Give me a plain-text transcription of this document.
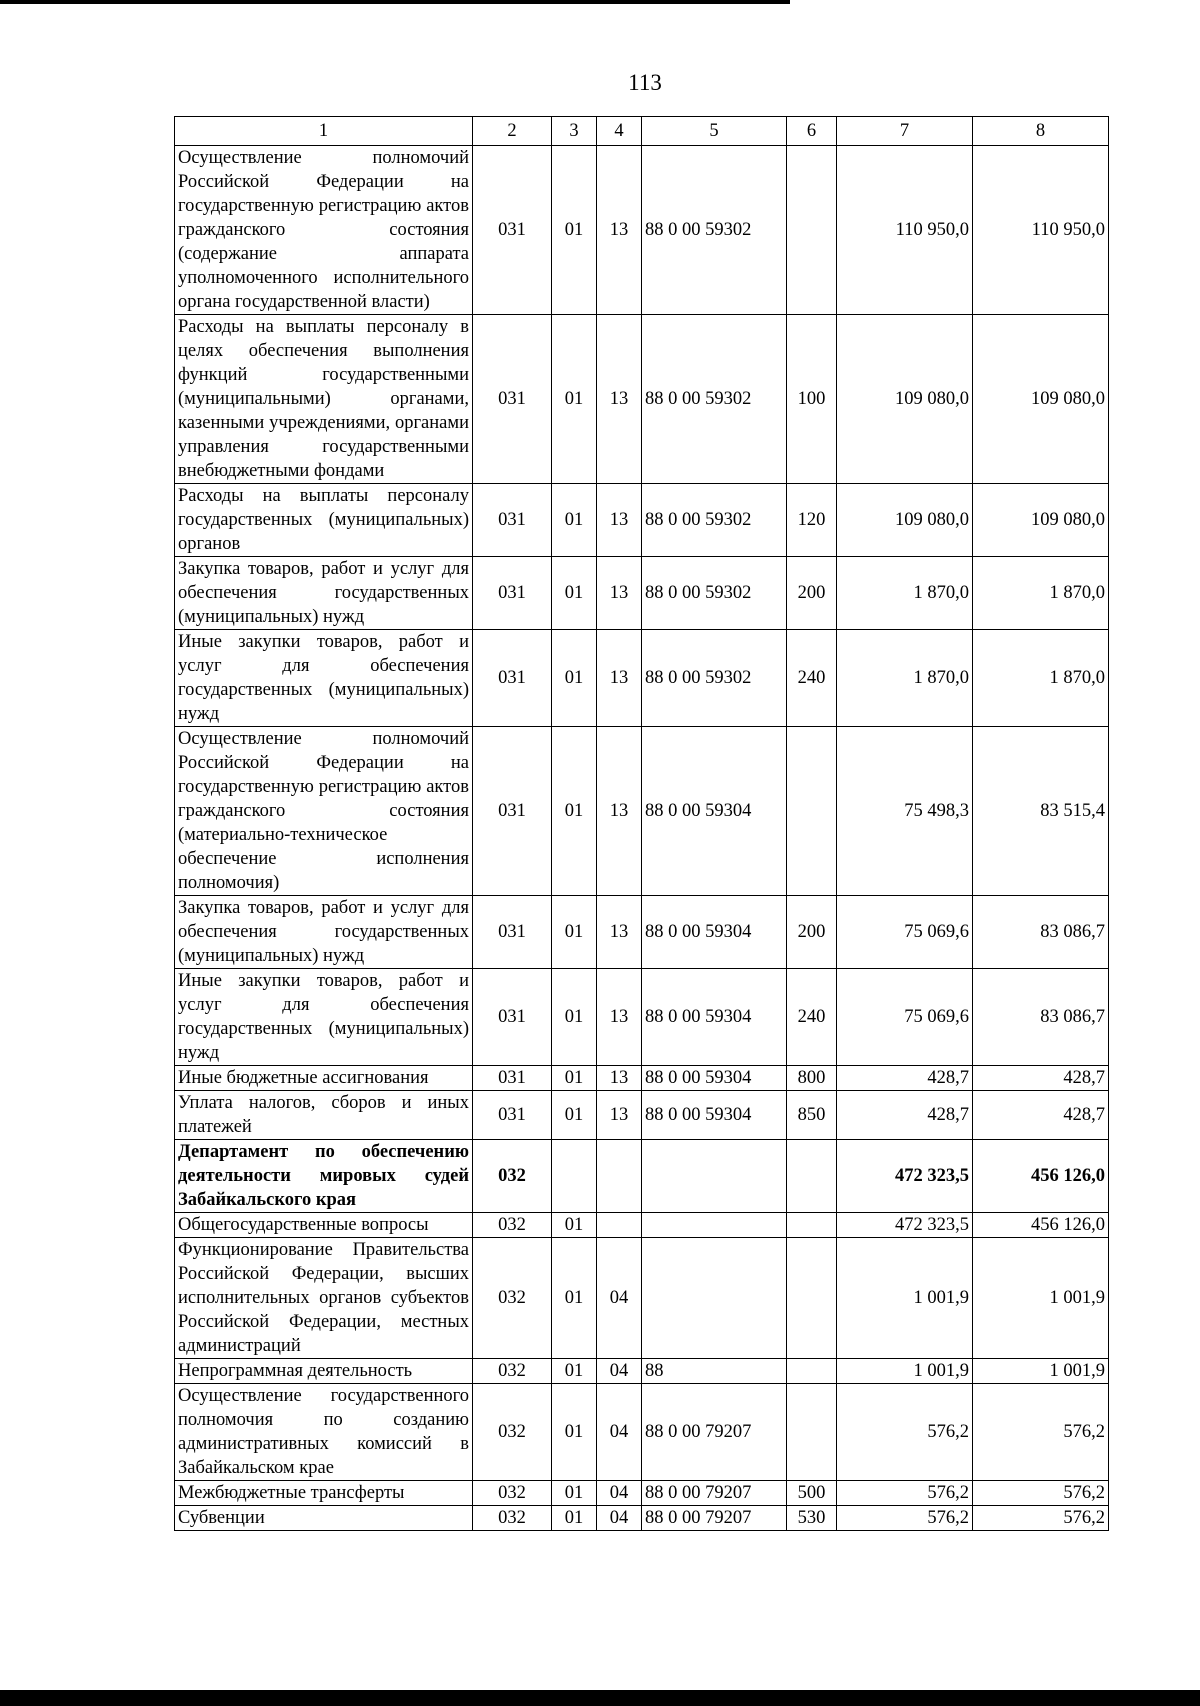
113
1	2	3	4	5	6	7	8
Осуществление полномочий Российской Федерации на государственную регистрацию актов гражданского состояния (содержание аппарата уполномоченного исполнительного органа государственной власти)	031	01	13	88 0 00 59302		110 950,0	110 950,0
Расходы на выплаты персоналу в целях обеспечения выполнения функций государственными (муниципальными) органами, казенными учреждениями, органами управления государственными внебюджетными фондами	031	01	13	88 0 00 59302	100	109 080,0	109 080,0
Расходы на выплаты персоналу государственных (муниципальных) органов	031	01	13	88 0 00 59302	120	109 080,0	109 080,0
Закупка товаров, работ и услуг для обеспечения государственных (муниципальных) нужд	031	01	13	88 0 00 59302	200	1 870,0	1 870,0
Иные закупки товаров, работ и услуг для обеспечения государственных (муниципальных) нужд	031	01	13	88 0 00 59302	240	1 870,0	1 870,0
Осуществление полномочий Российской Федерации на государственную регистрацию актов гражданского состояния (материально-техническое обеспечение исполнения полномочия)	031	01	13	88 0 00 59304		75 498,3	83 515,4
Закупка товаров, работ и услуг для обеспечения государственных (муниципальных) нужд	031	01	13	88 0 00 59304	200	75 069,6	83 086,7
Иные закупки товаров, работ и услуг для обеспечения государственных (муниципальных) нужд	031	01	13	88 0 00 59304	240	75 069,6	83 086,7
Иные бюджетные ассигнования	031	01	13	88 0 00 59304	800	428,7	428,7
Уплата налогов, сборов и иных платежей	031	01	13	88 0 00 59304	850	428,7	428,7
Департамент по обеспечению деятельности мировых судей Забайкальского края	032					472 323,5	456 126,0
Общегосударственные вопросы	032	01				472 323,5	456 126,0
Функционирование Правительства Российской Федерации, высших исполнительных органов субъектов Российской Федерации, местных администраций	032	01	04			1 001,9	1 001,9
Непрограммная деятельность	032	01	04	88		1 001,9	1 001,9
Осуществление государственного полномочия по созданию административных комиссий в Забайкальском крае	032	01	04	88 0 00 79207		576,2	576,2
Межбюджетные трансферты	032	01	04	88 0 00 79207	500	576,2	576,2
Субвенции	032	01	04	88 0 00 79207	530	576,2	576,2
